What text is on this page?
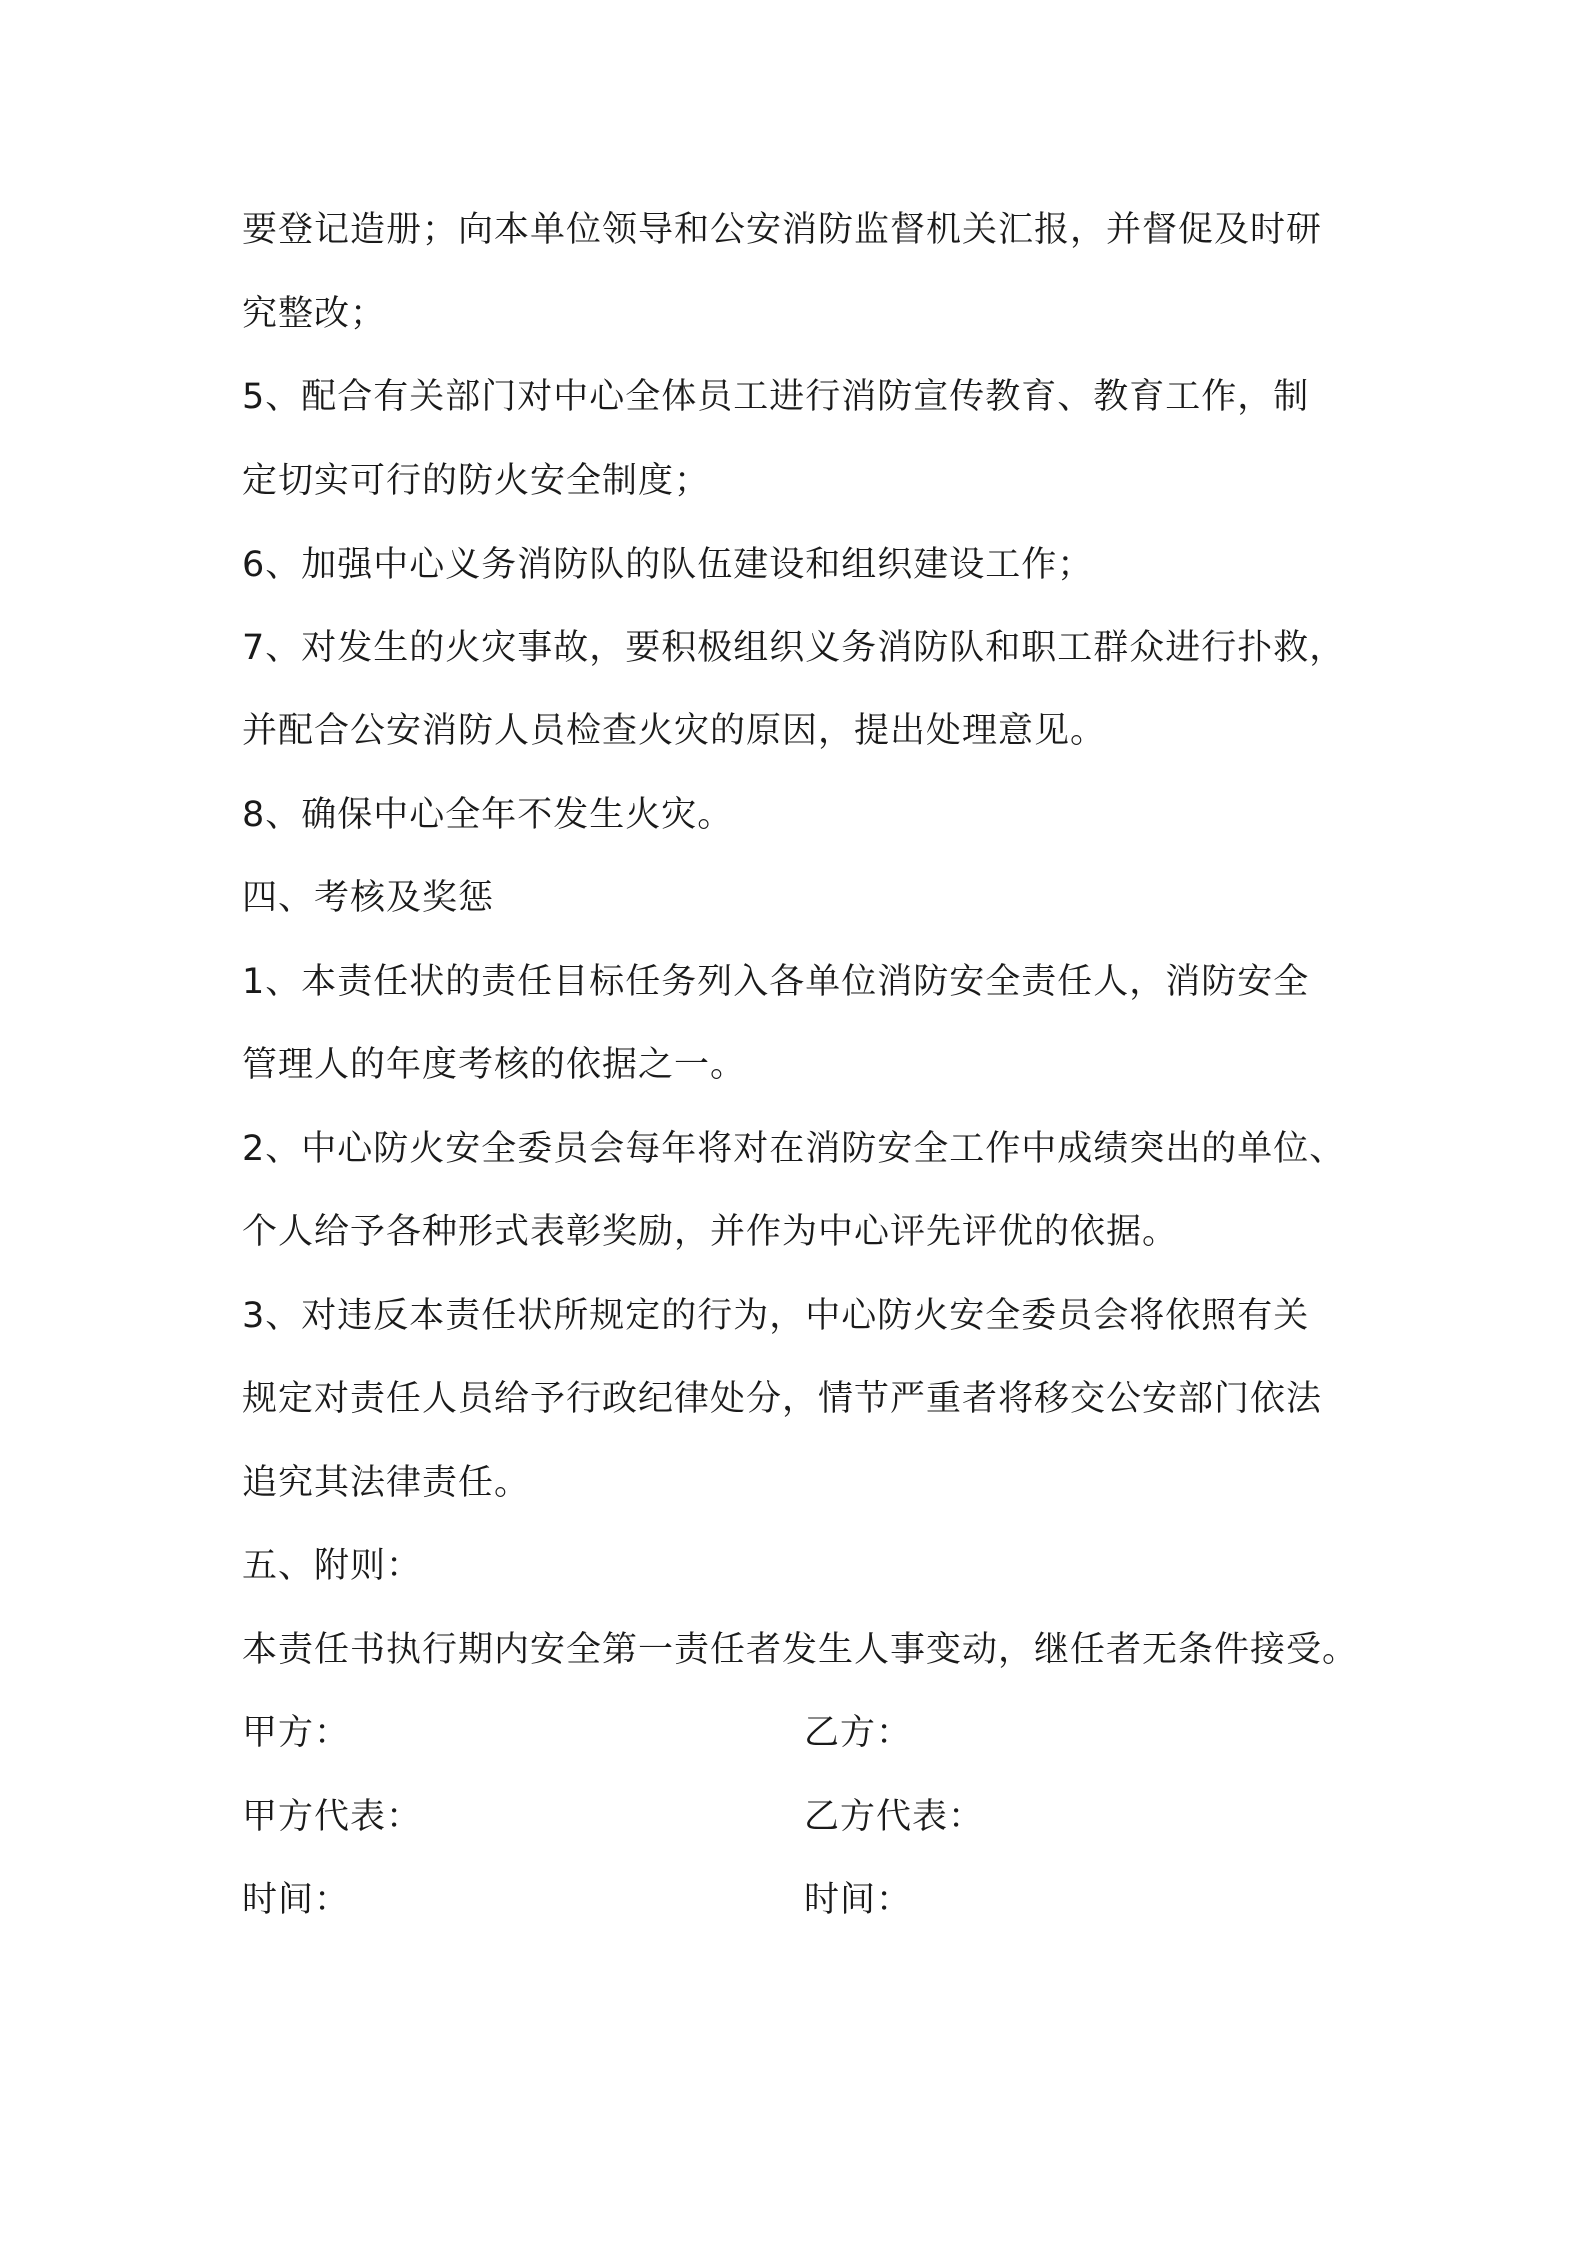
要登记造册；向本单位领导和公安消防监督机关汇报，并督促及时研
究整改；
5、配合有关部门对中心全体员工进行消防宣传教育、教育工作，制
定切实可行的防火安全制度；
6、加强中心义务消防队的队伍建设和组织建设工作；
7、对发生的火灾事故，要积极组织义务消防队和职工群众进行扑救，
并配合公安消防人员检查火灾的原因，提出处理意见。
8、确保中心全年不发生火灾。
四、考核及奖惩
1、本责任状的责任目标任务列入各单位消防安全责任人，消防安全
管理人的年度考核的依据之一。
2、中心防火安全委员会每年将对在消防安全工作中成绩突出的单位、
个人给予各种形式表彰奖励，并作为中心评先评优的依据。
3、对违反本责任状所规定的行为，中心防火安全委员会将依照有关
规定对责任人员给予行政纪律处分，情节严重者将移交公安部门依法
追究其法律责任。
五、附则：
本责任书执行期内安全第一责任者发生人事变动，继任者无条件接受。
甲方：	乙方：
甲方代表：	乙方代表：
时间：	时间：
